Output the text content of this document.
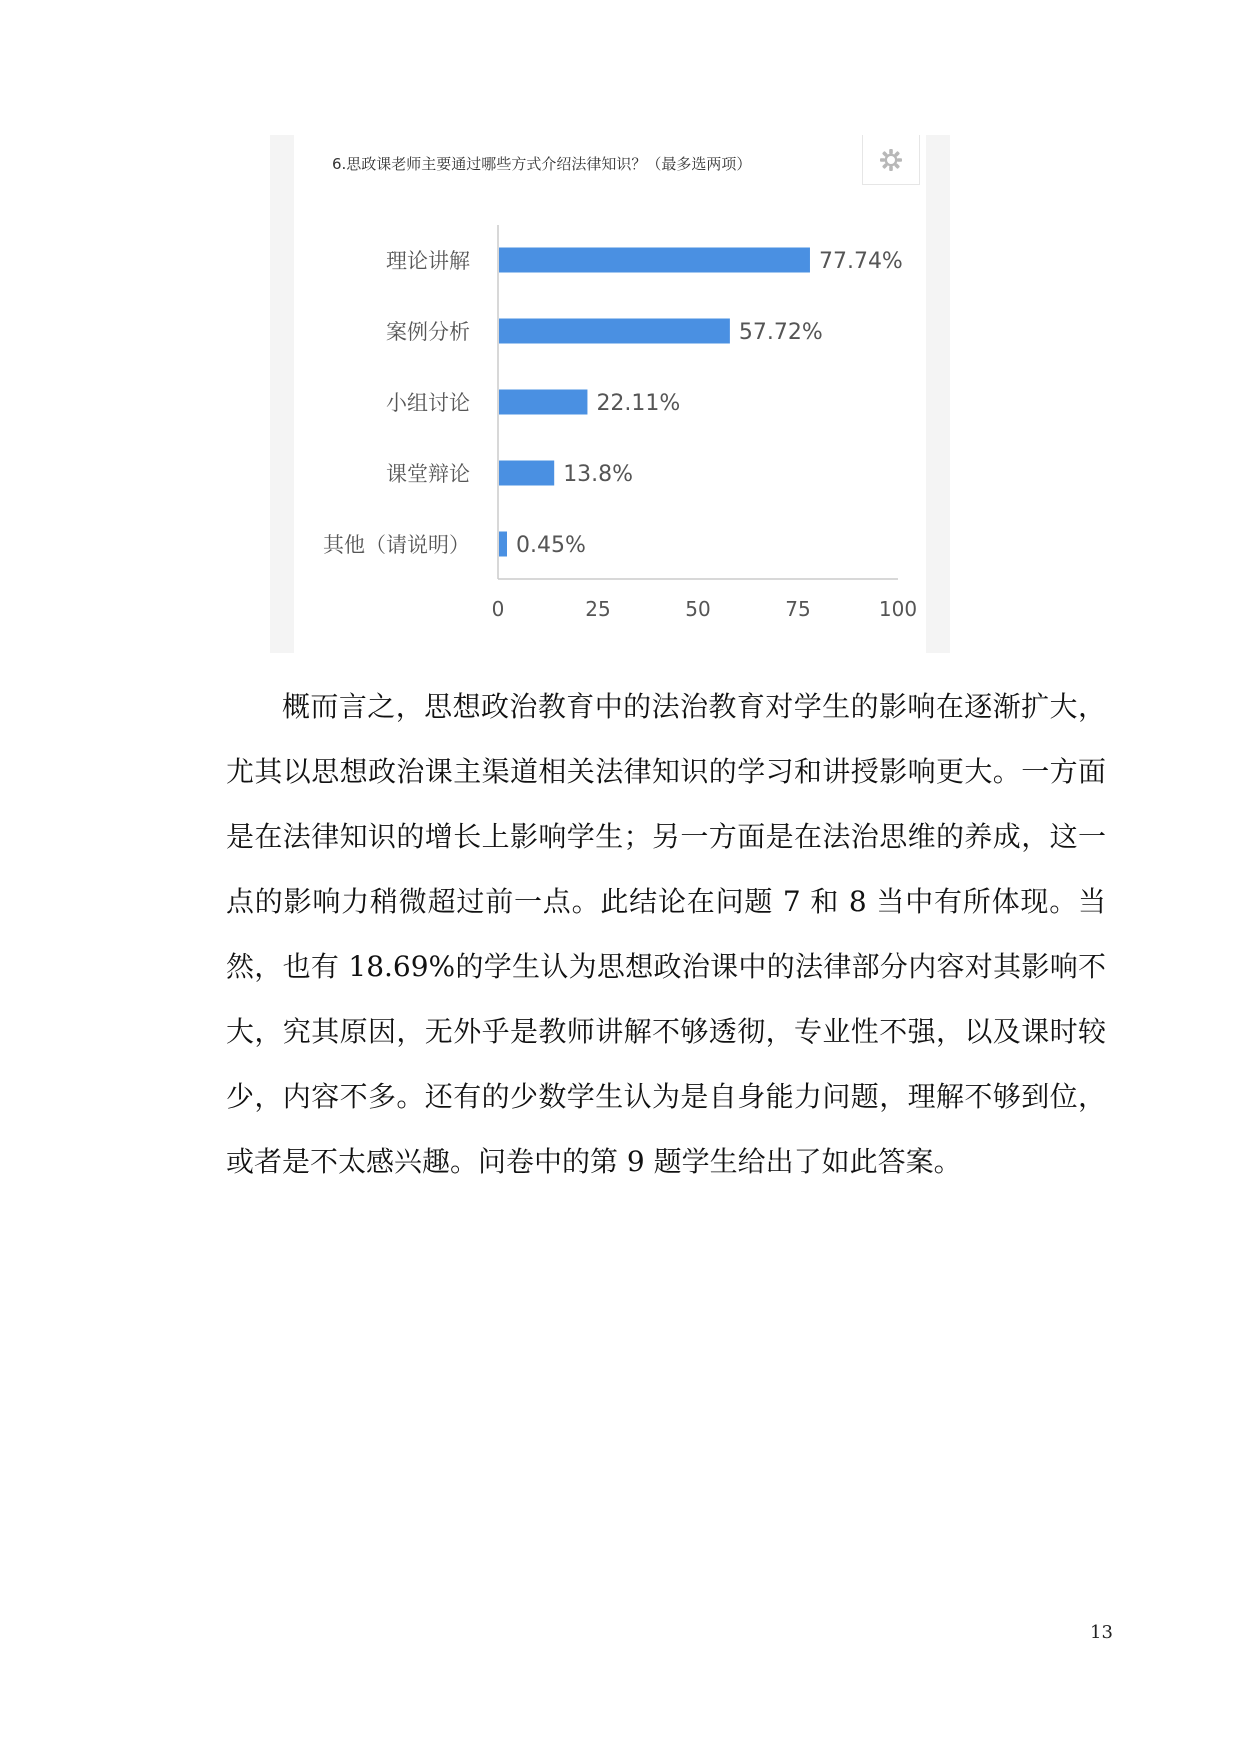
6.思政课老师主要通过哪些方式介绍法律知识？（最多选两项）
0	25	50	75	100
理论讲解	77.74%
案例分析	57.72%
小组讨论	22.11%
课堂辩论	13.8%
其他（请说明） 0.45%

概而言之，思想政治教育中的法治教育对学生的影响在逐渐扩大，尤其以思想政治课主渠道相关法律知识的学习和讲授影响更大。一方面是在法律知识的增长上影响学生；另一方面是在法治思维的养成，这一点的影响力稍微超过前一点。此结论在问题 7 和 8 当中有所体现。当然，也有 18.69%的学生认为思想政治课中的法律部分内容对其影响不大，究其原因，无外乎是教师讲解不够透彻，专业性不强，以及课时较少，内容不多。还有的少数学生认为是自身能力问题，理解不够到位，或者是不太感兴趣。问卷中的第 9 题学生给出了如此答案。

13
